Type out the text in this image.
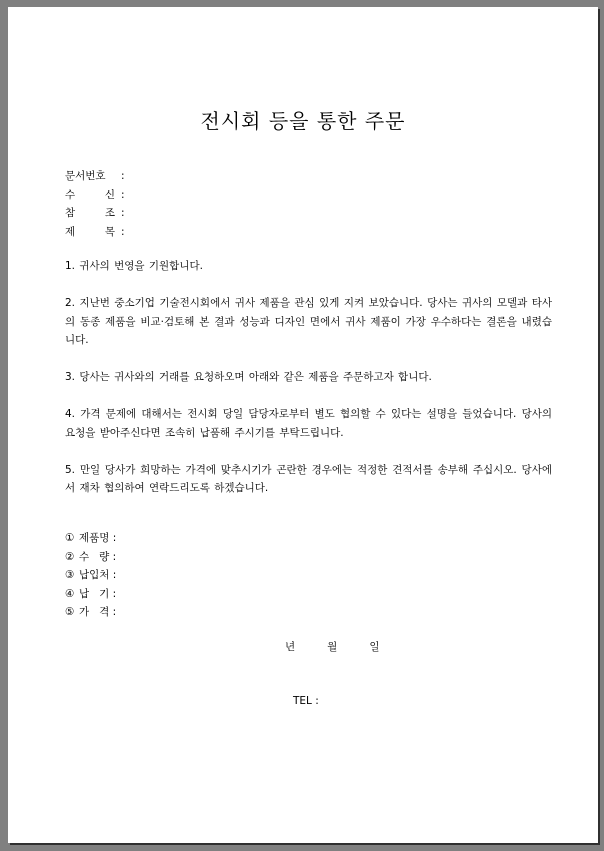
전시회 등을 통한 주문
문서번호	:
수	신 :
참	조 :
제	목 :

1. 귀사의 번영을 기원합니다.

2. 지난번 중소기업 기술전시회에서 귀사 제품을 관심 있게 지켜 보았습니다. 당사는 귀사의 모델과 타사의 동종 제품을 비교·검토해 본 결과 성능과 디자인 면에서 귀사 제품이 가장 우수하다는 결론을 내렸습니다.

3. 당사는 귀사와의 거래를 요청하오며 아래와 같은 제품을 주문하고자 합니다.

4. 가격 문제에 대해서는 전시회 당일 담당자로부터 별도 협의할 수 있다는 설명을 들었습니다. 당사의 요청을 받아주신다면 조속히 납품해 주시기를 부탁드립니다.

5. 만일 당사가 희망하는 가격에 맞추시기가 곤란한 경우에는 적정한 견적서를 송부해 주십시오. 당사에서 재차 협의하여 연락드리도록 하겠습니다.

① 제품명 :
② 수   량 :
③ 납입처 :
④ 납   기 :
⑤ 가   격 :
년	월	일
TEL :
